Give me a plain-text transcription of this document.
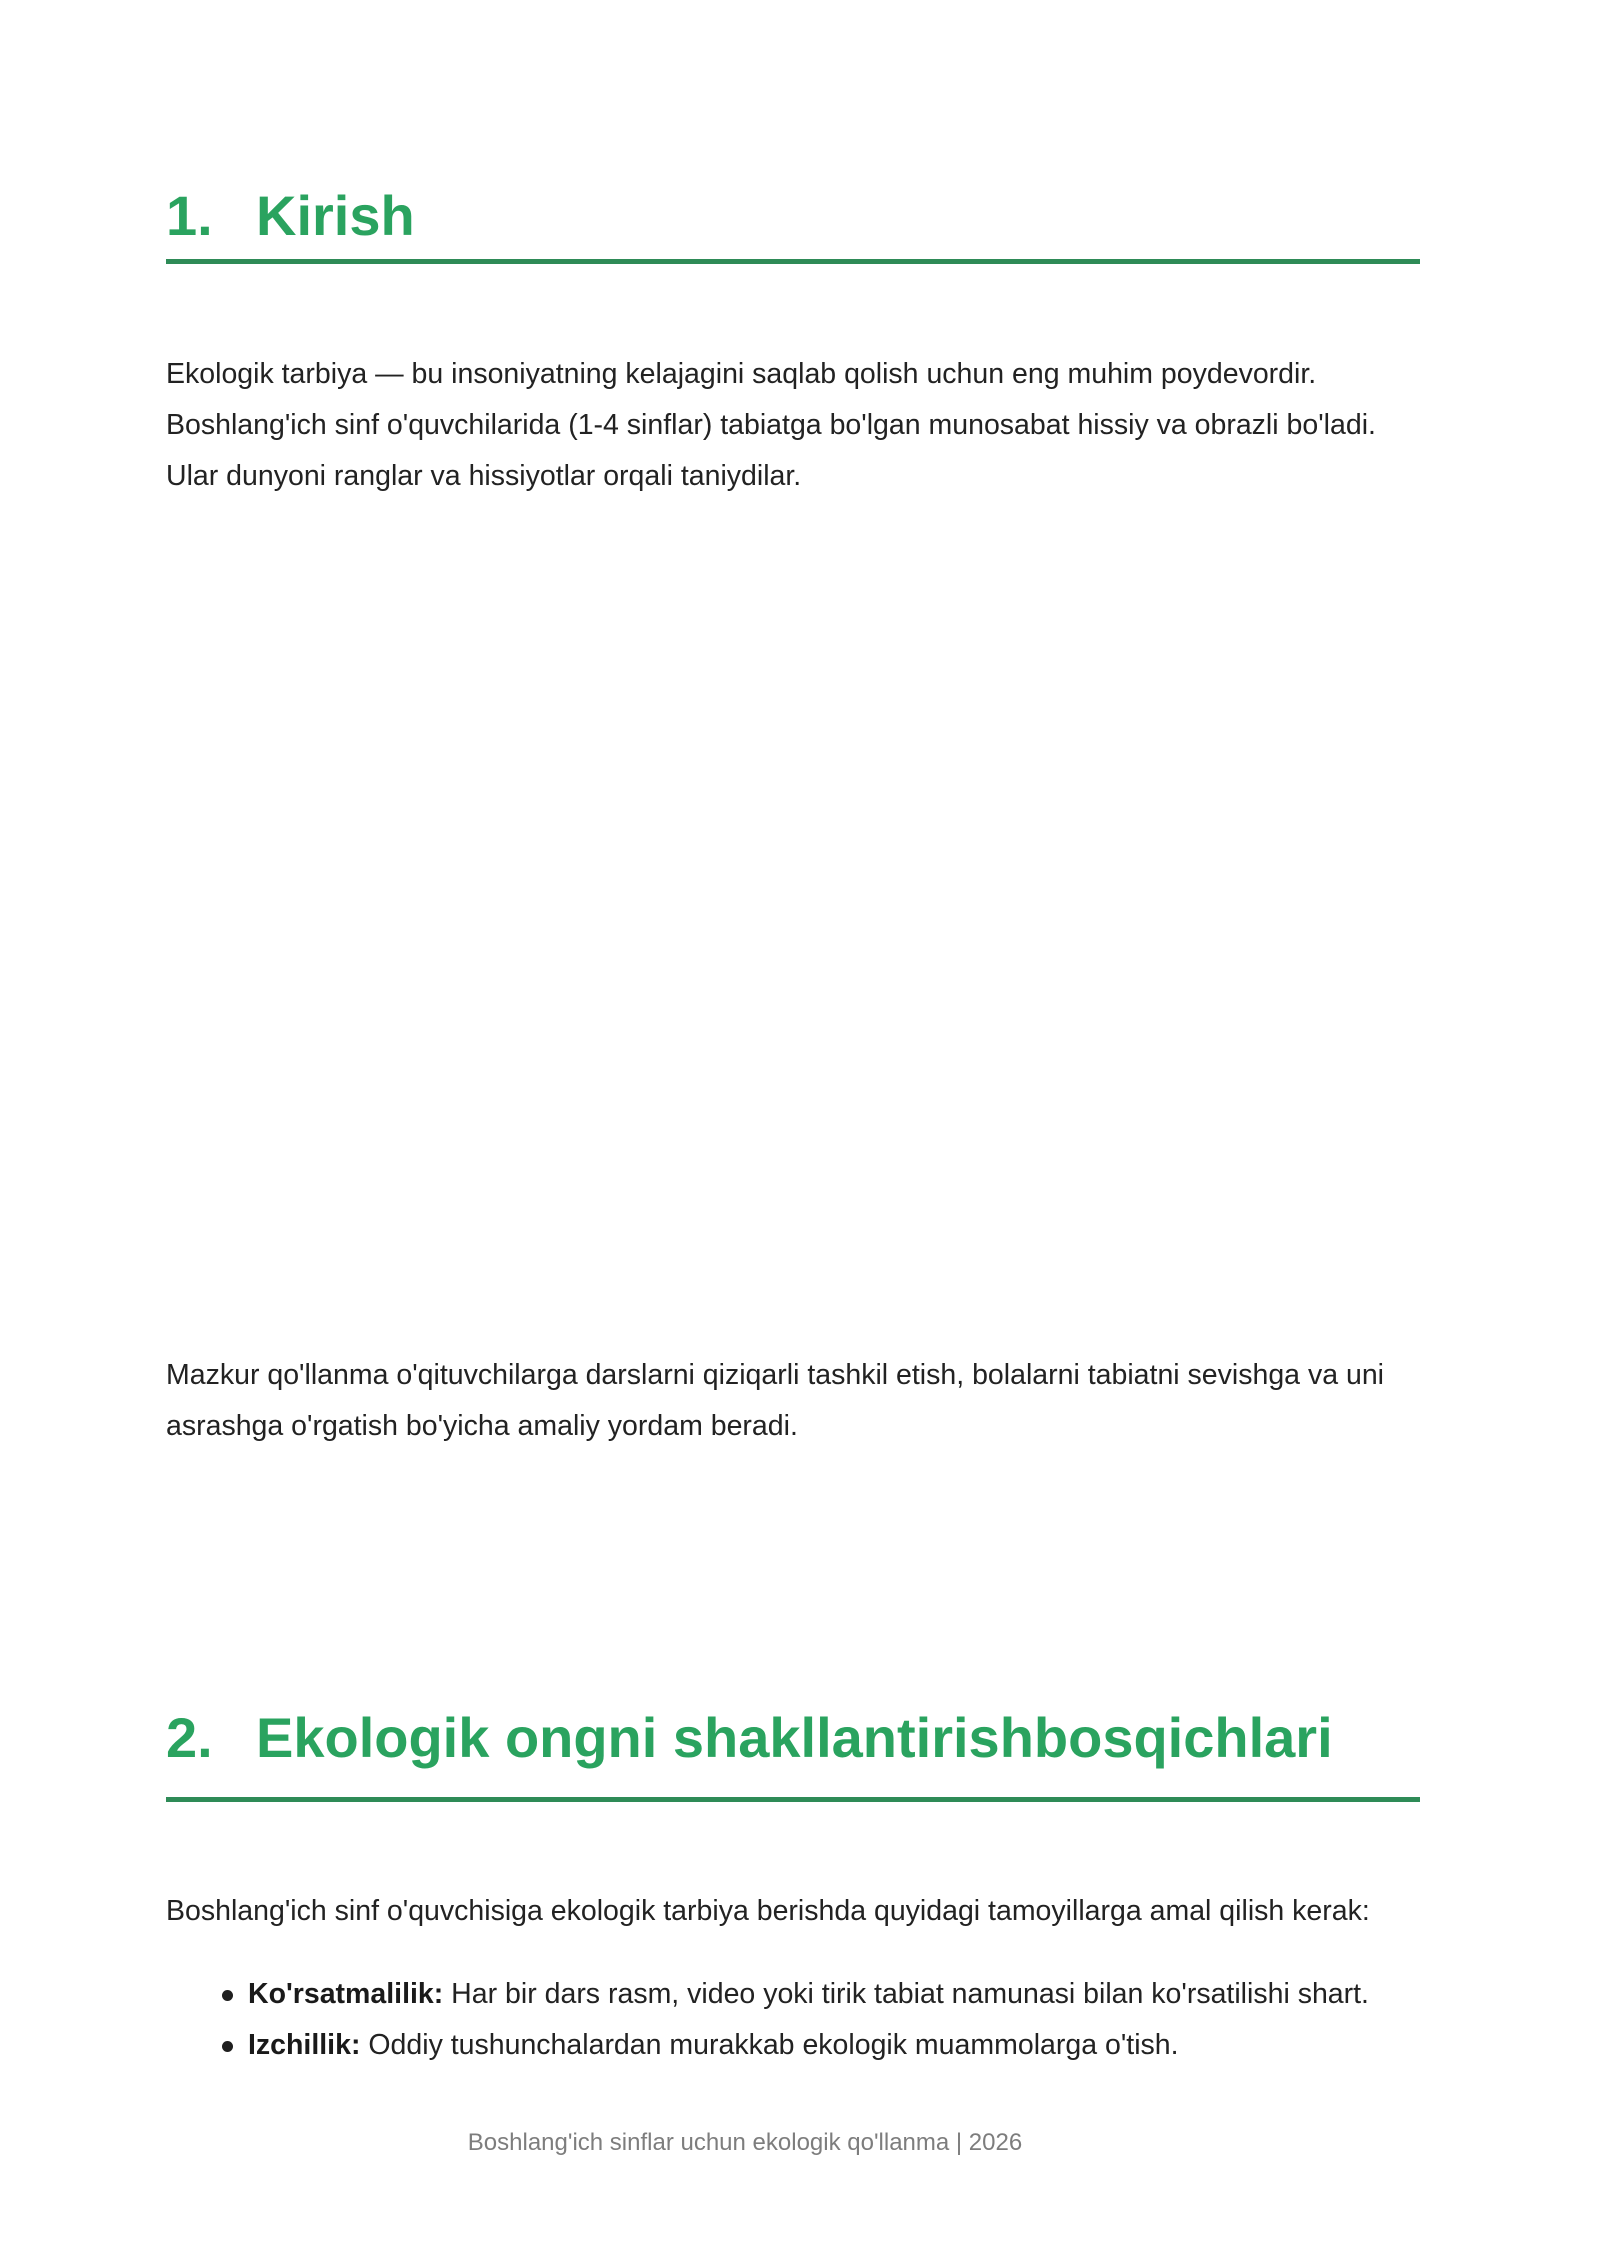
1. Kirish

Ekologik tarbiya — bu insoniyatning kelajagini saqlab qolish uchun eng muhim poydevordir. Boshlang'ich sinf o'quvchilarida (1-4 sinflar) tabiatga bo'lgan munosabat hissiy va obrazli bo'ladi. Ular dunyoni ranglar va hissiyotlar orqali taniydilar.

Mazkur qo'llanma o'qituvchilarga darslarni qiziqarli tashkil etish, bolalarni tabiatni sevishga va uni asrashga o'rgatish bo'yicha amaliy yordam beradi.

2. Ekologik ongni shakllantirishbosqichlari

Boshlang'ich sinf o'quvchisiga ekologik tarbiya berishda quyidagi tamoyillarga amal qilish kerak:

Ko'rsatmalilik: Har bir dars rasm, video yoki tirik tabiat namunasi bilan ko'rsatilishi shart.
Izchillik: Oddiy tushunchalardan murakkab ekologik muammolarga o'tish.
Boshlang'ich sinflar uchun ekologik qo'llanma | 2026
